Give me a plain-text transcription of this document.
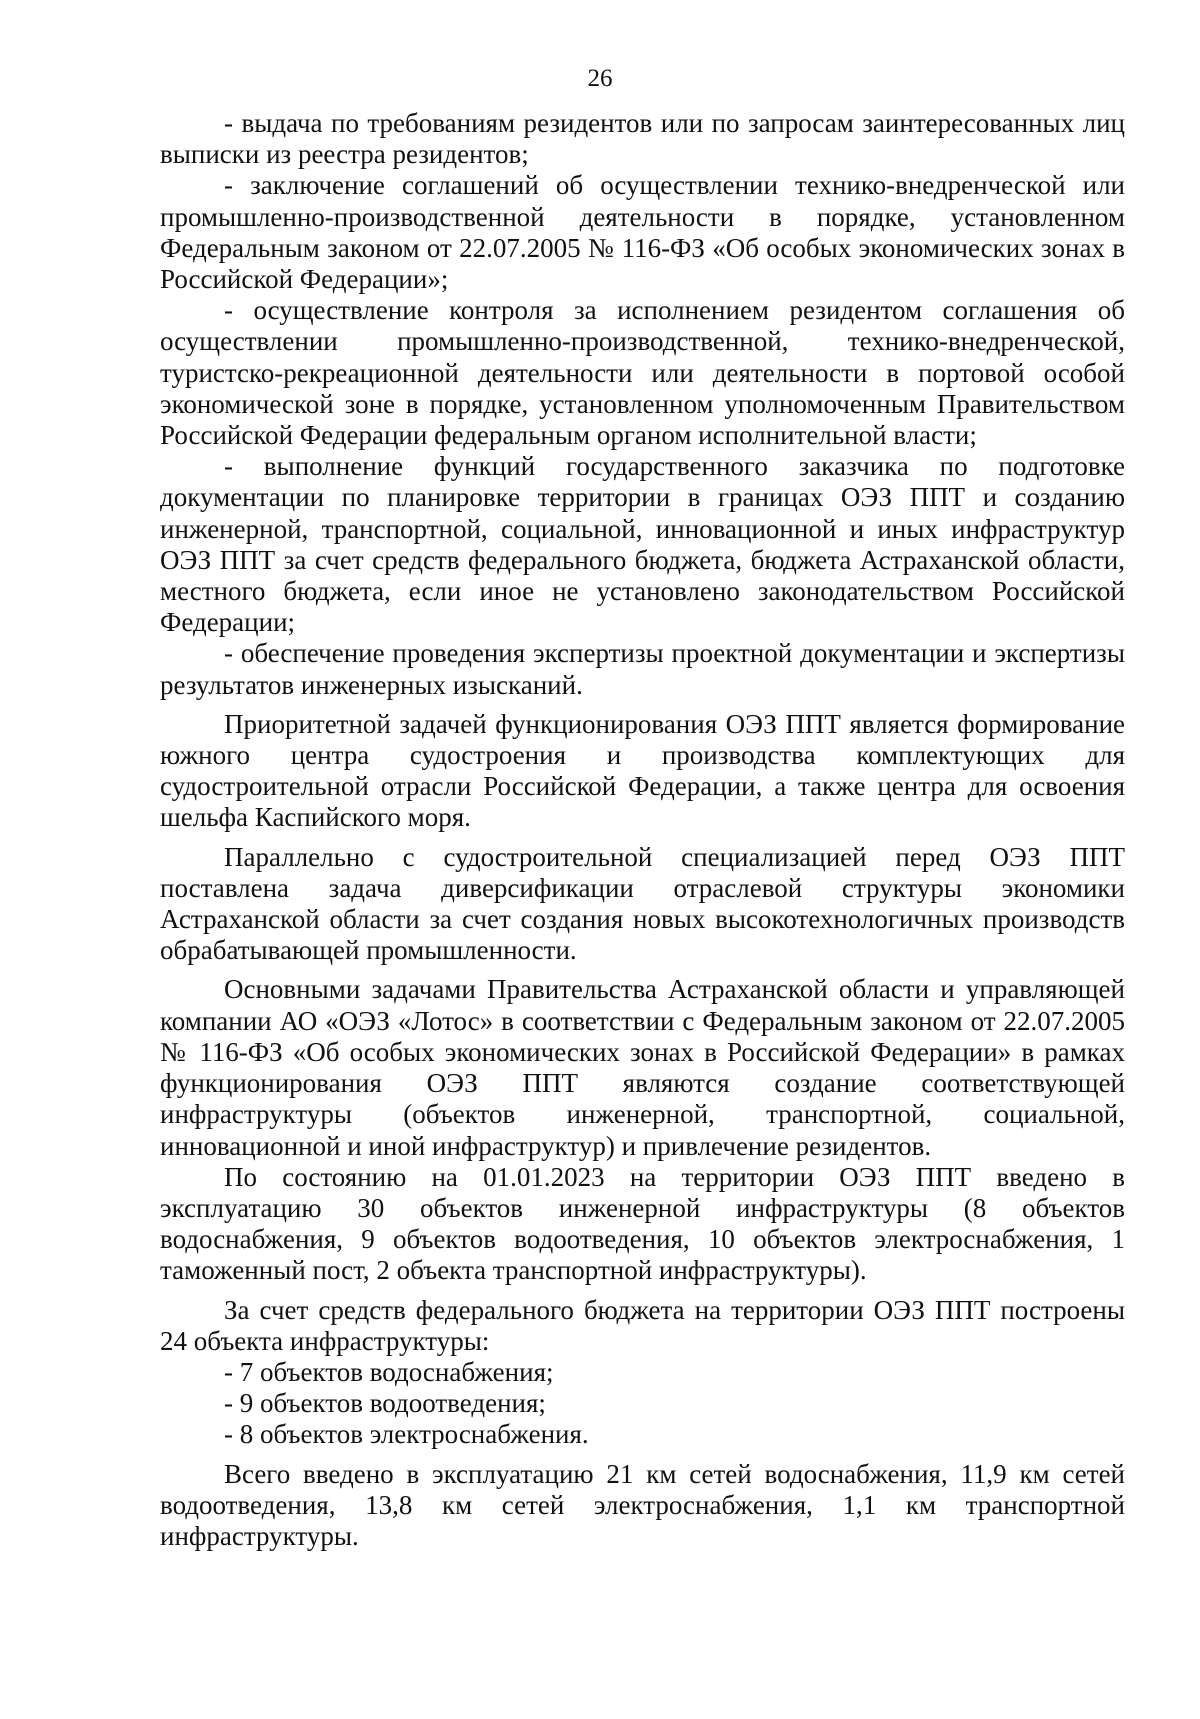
26

- выдача по требованиям резидентов или по запросам заинтересованных лиц выписки из реестра резидентов;

- заключение соглашений об осуществлении технико-внедренческой или промышленно-производственной деятельности в порядке, установленном Федеральным законом от 22.07.2005 № 116-ФЗ «Об особых экономических зонах в Российской Федерации»;

- осуществление контроля за исполнением резидентом соглашения об осуществлении промышленно-производственной, технико-внедренческой, туристско-рекреационной деятельности или деятельности в портовой особой экономической зоне в порядке, установленном уполномоченным Правительством Российской Федерации федеральным органом исполнительной власти;

- выполнение функций государственного заказчика по подготовке документации по планировке территории в границах ОЭЗ ППТ и созданию инженерной, транспортной, социальной, инновационной и иных инфраструктур ОЭЗ ППТ за счет средств федерального бюджета, бюджета Астраханской области, местного бюджета, если иное не установлено законодательством Российской Федерации;

- обеспечение проведения экспертизы проектной документации и экспертизы результатов инженерных изысканий.

Приоритетной задачей функционирования ОЭЗ ППТ является формирование южного центра судостроения и производства комплектующих для судостроительной отрасли Российской Федерации, а также центра для освоения шельфа Каспийского моря.

Параллельно с судостроительной специализацией перед ОЭЗ ППТ поставлена задача диверсификации отраслевой структуры экономики Астраханской области за счет создания новых высокотехнологичных производств обрабатывающей промышленности.

Основными задачами Правительства Астраханской области и управляющей компании АО «ОЭЗ «Лотос» в соответствии с Федеральным законом от 22.07.2005 № 116-ФЗ «Об особых экономических зонах в Российской Федерации» в рамках функционирования ОЭЗ ППТ являются создание соответствующей инфраструктуры (объектов инженерной, транспортной, социальной, инновационной и иной инфраструктур) и привлечение резидентов.

По состоянию на 01.01.2023 на территории ОЭЗ ППТ введено в эксплуатацию 30 объектов инженерной инфраструктуры (8 объектов водоснабжения, 9 объектов водоотведения, 10 объектов электроснабжения, 1 таможенный пост, 2 объекта транспортной инфраструктуры).

За счет средств федерального бюджета на территории ОЭЗ ППТ построены 24 объекта инфраструктуры:

- 7 объектов водоснабжения;

- 9 объектов водоотведения;

- 8 объектов электроснабжения.

Всего введено в эксплуатацию 21 км сетей водоснабжения, 11,9 км сетей водоотведения, 13,8 км сетей электроснабжения, 1,1 км транспортной инфраструктуры.
